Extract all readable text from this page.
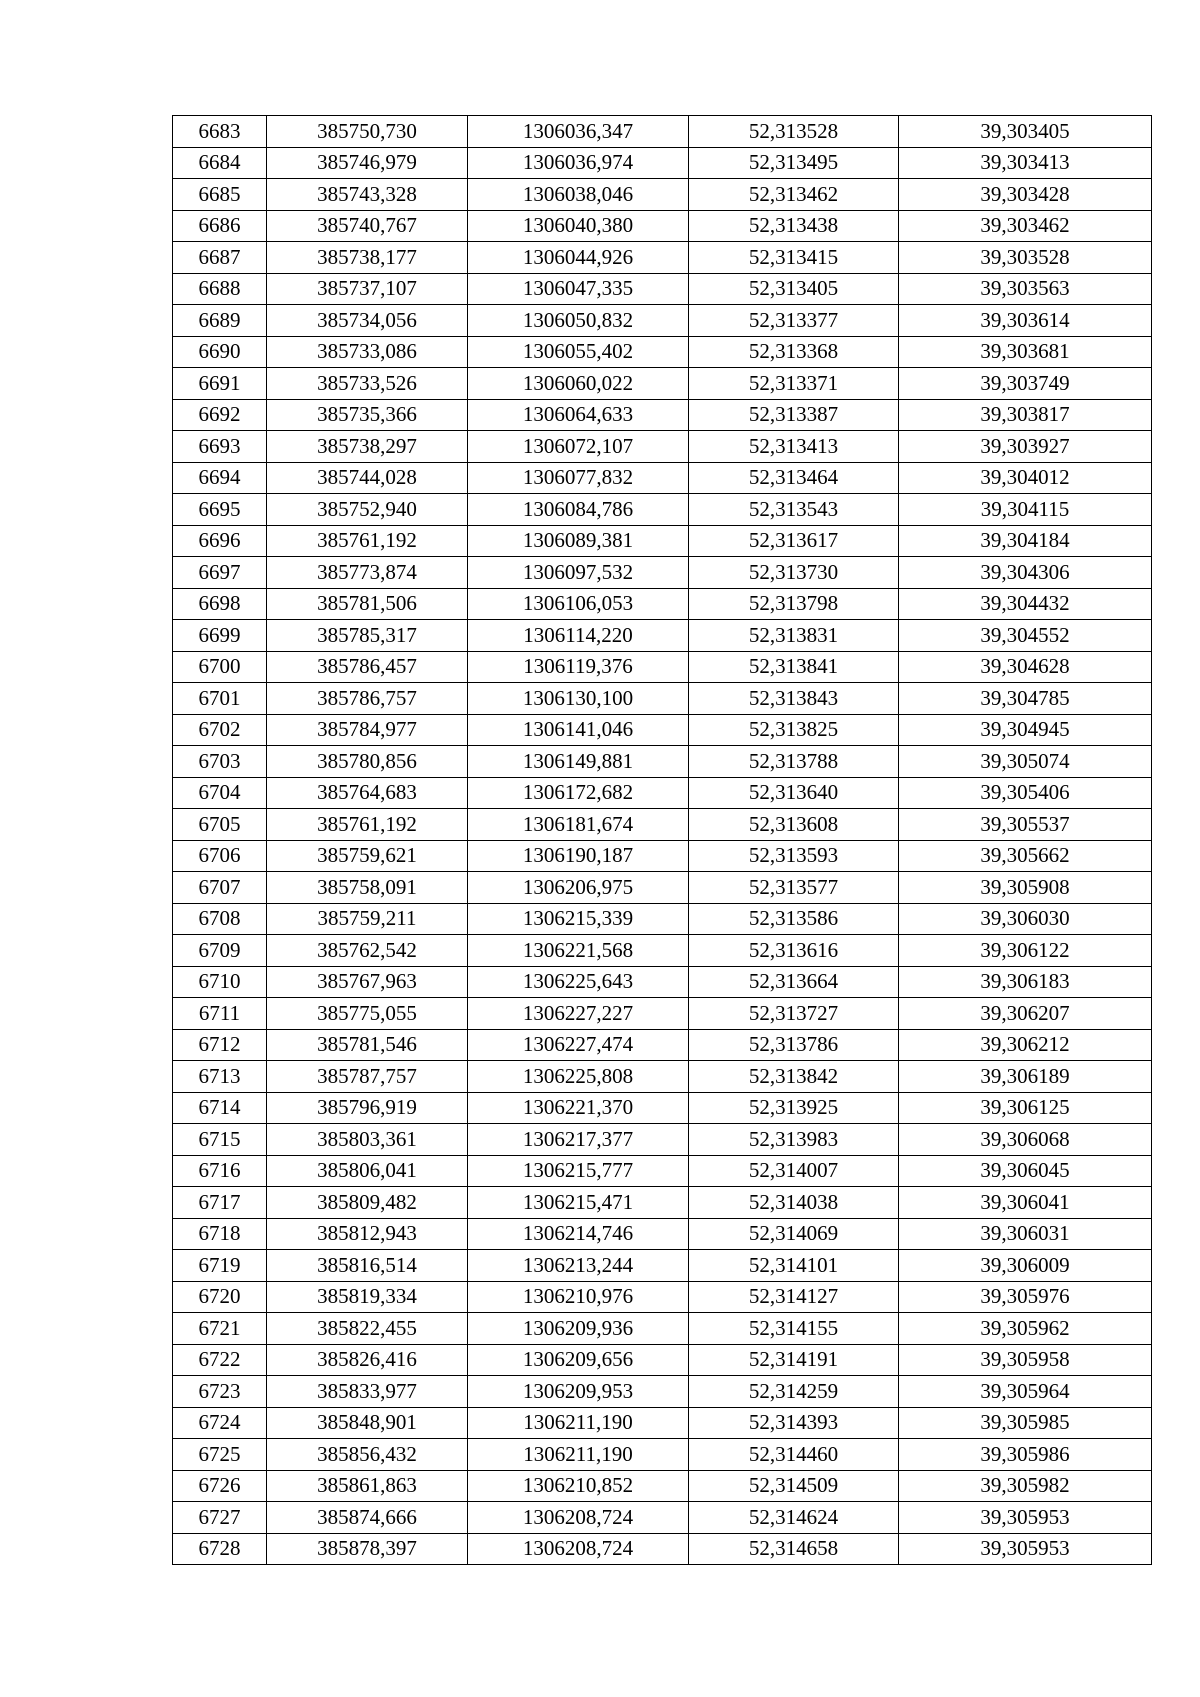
6683	385750,730	1306036,347	52,313528	39,303405
6684	385746,979	1306036,974	52,313495	39,303413
6685	385743,328	1306038,046	52,313462	39,303428
6686	385740,767	1306040,380	52,313438	39,303462
6687	385738,177	1306044,926	52,313415	39,303528
6688	385737,107	1306047,335	52,313405	39,303563
6689	385734,056	1306050,832	52,313377	39,303614
6690	385733,086	1306055,402	52,313368	39,303681
6691	385733,526	1306060,022	52,313371	39,303749
6692	385735,366	1306064,633	52,313387	39,303817
6693	385738,297	1306072,107	52,313413	39,303927
6694	385744,028	1306077,832	52,313464	39,304012
6695	385752,940	1306084,786	52,313543	39,304115
6696	385761,192	1306089,381	52,313617	39,304184
6697	385773,874	1306097,532	52,313730	39,304306
6698	385781,506	1306106,053	52,313798	39,304432
6699	385785,317	1306114,220	52,313831	39,304552
6700	385786,457	1306119,376	52,313841	39,304628
6701	385786,757	1306130,100	52,313843	39,304785
6702	385784,977	1306141,046	52,313825	39,304945
6703	385780,856	1306149,881	52,313788	39,305074
6704	385764,683	1306172,682	52,313640	39,305406
6705	385761,192	1306181,674	52,313608	39,305537
6706	385759,621	1306190,187	52,313593	39,305662
6707	385758,091	1306206,975	52,313577	39,305908
6708	385759,211	1306215,339	52,313586	39,306030
6709	385762,542	1306221,568	52,313616	39,306122
6710	385767,963	1306225,643	52,313664	39,306183
6711	385775,055	1306227,227	52,313727	39,306207
6712	385781,546	1306227,474	52,313786	39,306212
6713	385787,757	1306225,808	52,313842	39,306189
6714	385796,919	1306221,370	52,313925	39,306125
6715	385803,361	1306217,377	52,313983	39,306068
6716	385806,041	1306215,777	52,314007	39,306045
6717	385809,482	1306215,471	52,314038	39,306041
6718	385812,943	1306214,746	52,314069	39,306031
6719	385816,514	1306213,244	52,314101	39,306009
6720	385819,334	1306210,976	52,314127	39,305976
6721	385822,455	1306209,936	52,314155	39,305962
6722	385826,416	1306209,656	52,314191	39,305958
6723	385833,977	1306209,953	52,314259	39,305964
6724	385848,901	1306211,190	52,314393	39,305985
6725	385856,432	1306211,190	52,314460	39,305986
6726	385861,863	1306210,852	52,314509	39,305982
6727	385874,666	1306208,724	52,314624	39,305953
6728	385878,397	1306208,724	52,314658	39,305953
